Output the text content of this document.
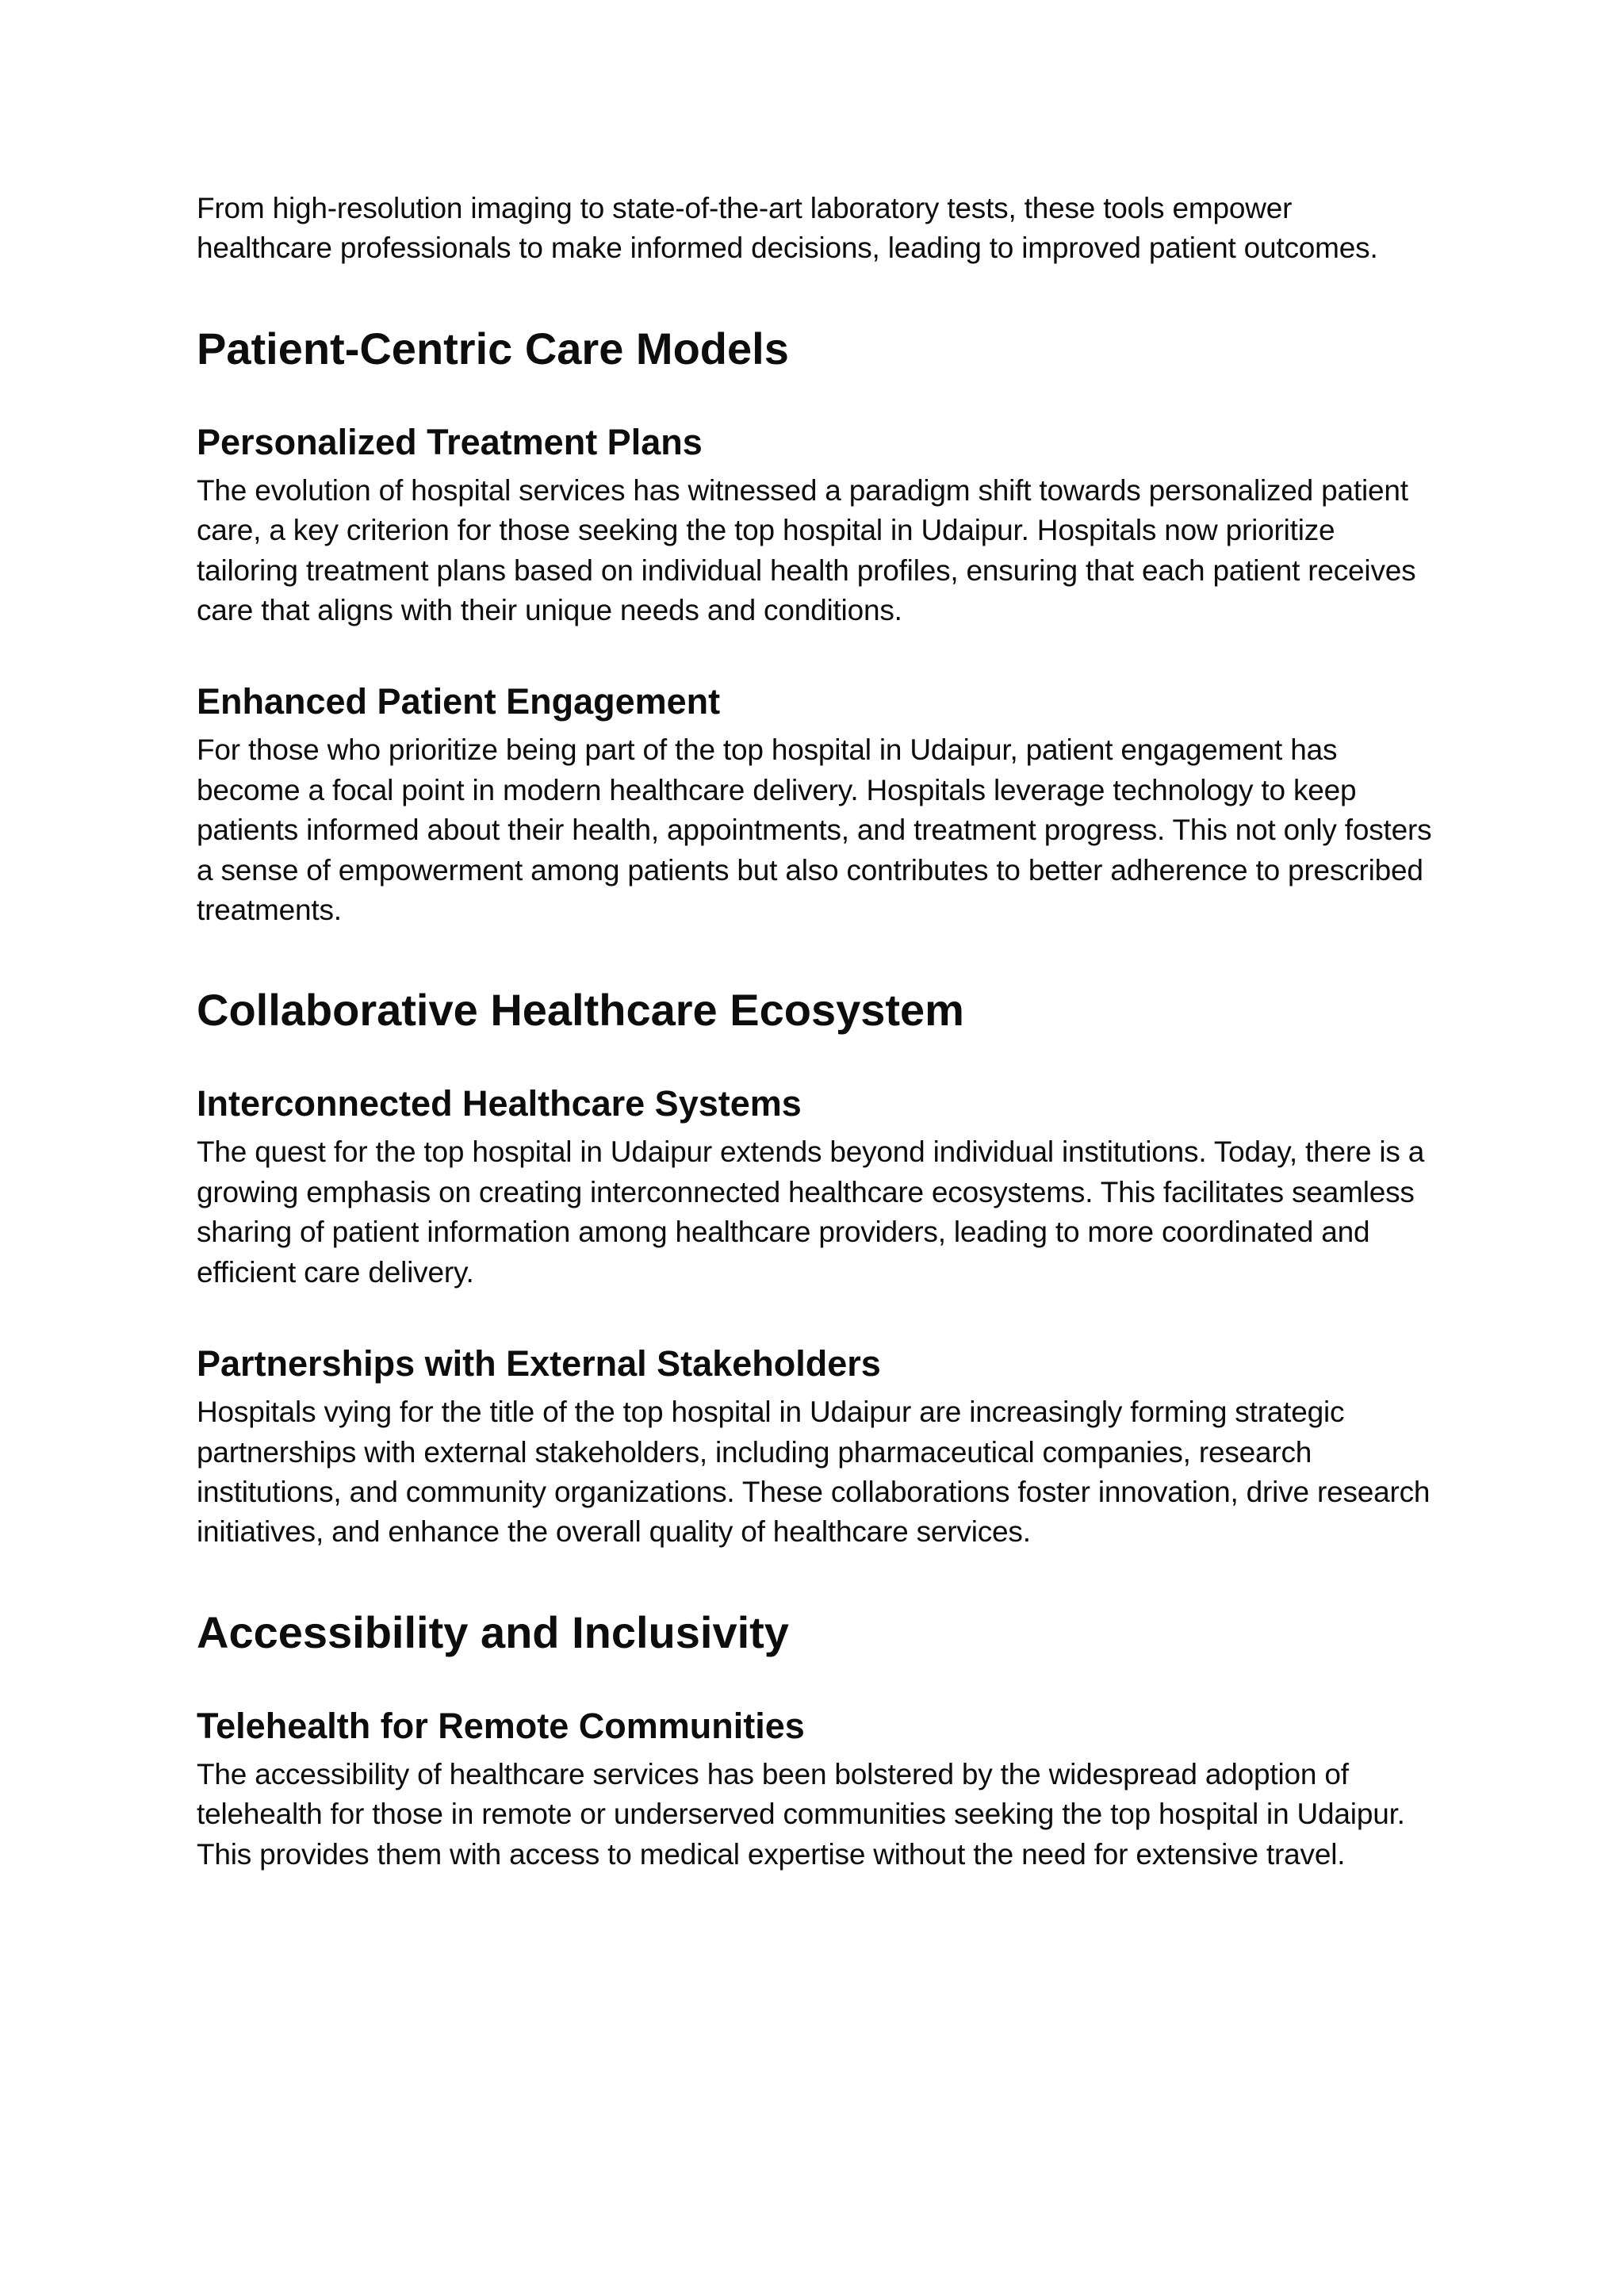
From high-resolution imaging to state-of-the-art laboratory tests, these tools empower healthcare professionals to make informed decisions, leading to improved patient outcomes.

Patient-Centric Care Models
Personalized Treatment Plans

The evolution of hospital services has witnessed a paradigm shift towards personalized patient care, a key criterion for those seeking the top hospital in Udaipur. Hospitals now prioritize tailoring treatment plans based on individual health profiles, ensuring that each patient receives care that aligns with their unique needs and conditions.

Enhanced Patient Engagement

For those who prioritize being part of the top hospital in Udaipur, patient engagement has become a focal point in modern healthcare delivery. Hospitals leverage technology to keep patients informed about their health, appointments, and treatment progress. This not only fosters a sense of empowerment among patients but also contributes to better adherence to prescribed treatments.

Collaborative Healthcare Ecosystem
Interconnected Healthcare Systems

The quest for the top hospital in Udaipur extends beyond individual institutions. Today, there is a growing emphasis on creating interconnected healthcare ecosystems. This facilitates seamless sharing of patient information among healthcare providers, leading to more coordinated and efficient care delivery.

Partnerships with External Stakeholders

Hospitals vying for the title of the top hospital in Udaipur are increasingly forming strategic partnerships with external stakeholders, including pharmaceutical companies, research institutions, and community organizations. These collaborations foster innovation, drive research initiatives, and enhance the overall quality of healthcare services.

Accessibility and Inclusivity
Telehealth for Remote Communities

The accessibility of healthcare services has been bolstered by the widespread adoption of telehealth for those in remote or underserved communities seeking the top hospital in Udaipur. This provides them with access to medical expertise without the need for extensive travel.
